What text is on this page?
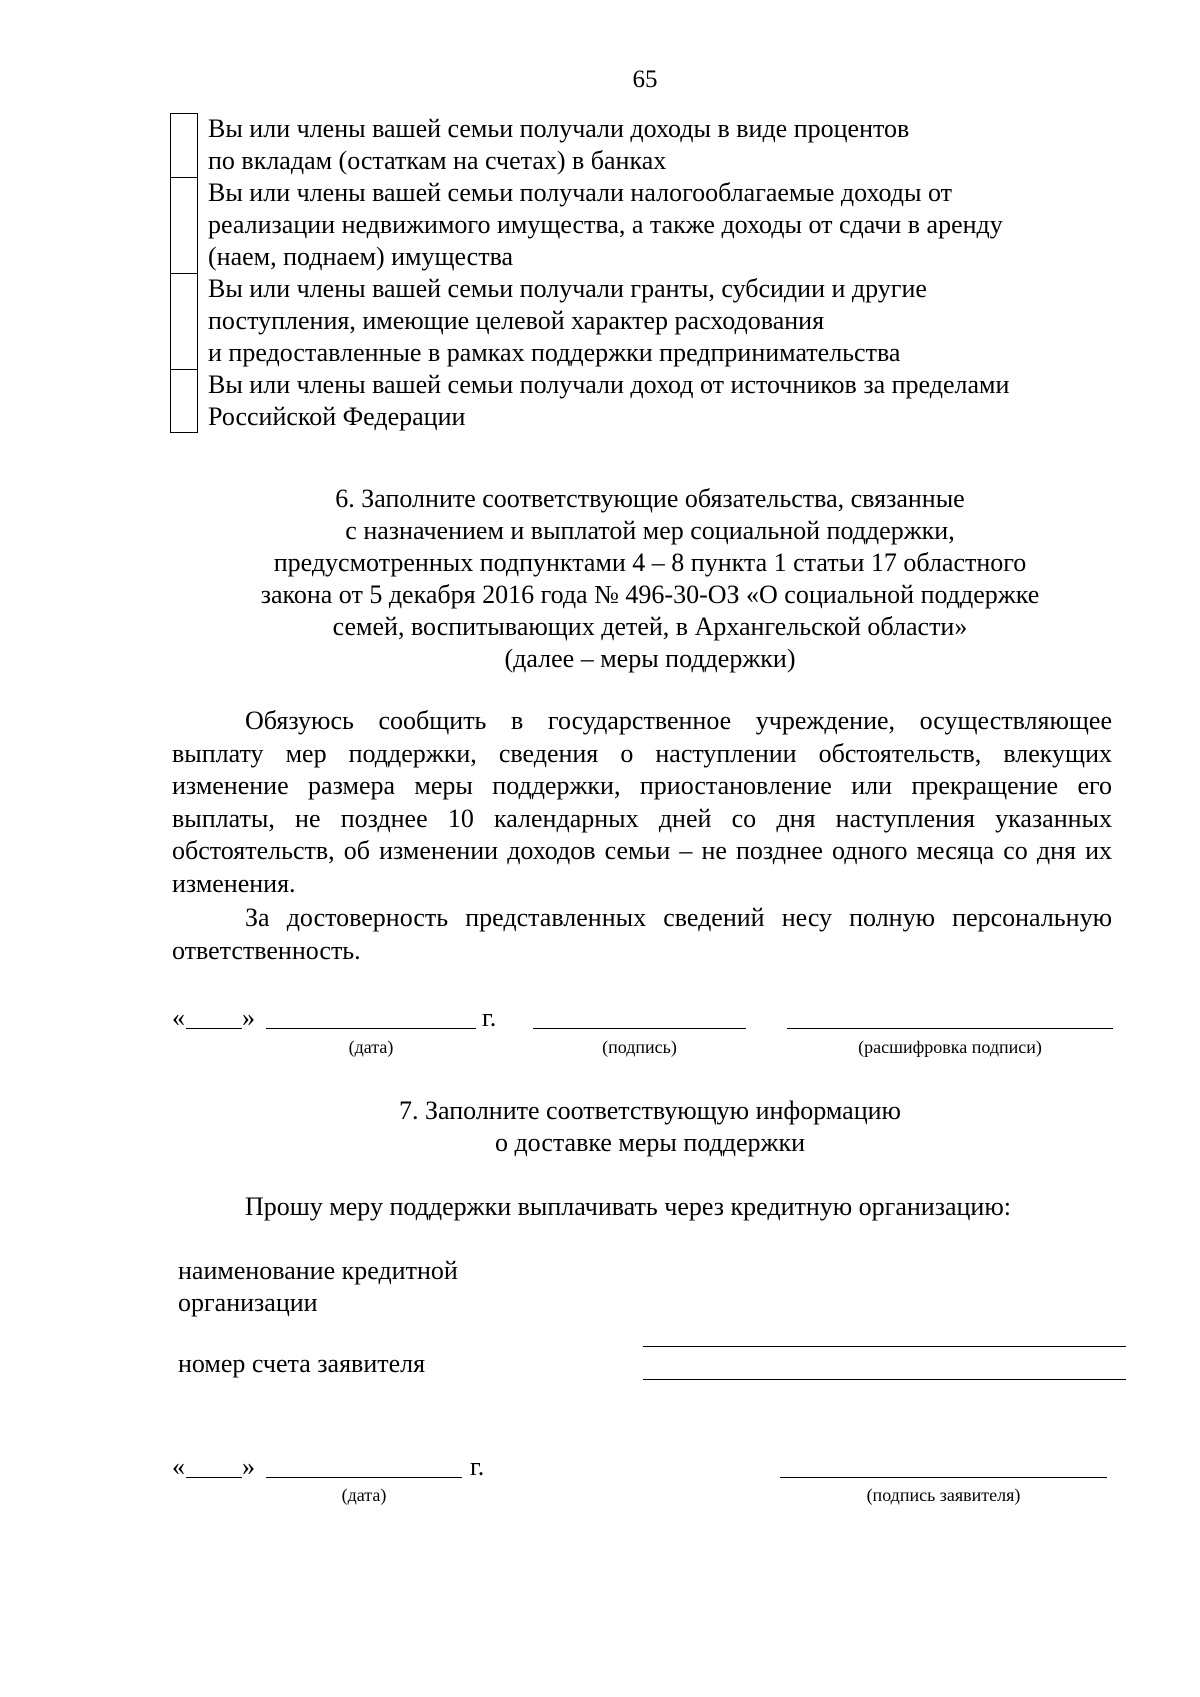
65
Вы или члены вашей семьи получали доходы в виде процентов
по вкладам (остаткам на счетах) в банках
Вы или члены вашей семьи получали налогооблагаемые доходы от
реализации недвижимого имущества, а также доходы от сдачи в аренду
(наем, поднаем) имущества
Вы или члены вашей семьи получали гранты, субсидии и другие
поступления, имеющие целевой характер расходования
и предоставленные в рамках поддержки предпринимательства
Вы или члены вашей семьи получали доход от источников за пределами
Российской Федерации
6. Заполните соответствующие обязательства, связанные
с назначением и выплатой мер социальной поддержки,
предусмотренных подпунктами 4 – 8 пункта 1 статьи 17 областного
закона от 5 декабря 2016 года № 496-30-ОЗ «О социальной поддержке
семей, воспитывающих детей, в Архангельской области»
(далее – меры поддержки)
Обязуюсь сообщить в государственное учреждение, осуществляющее выплату мер поддержки, сведения о наступлении обстоятельств, влекущих изменение размера меры поддержки, приостановление или прекращение его выплаты, не позднее 10 календарных дней со дня наступления указанных обстоятельств, об изменении доходов семьи – не позднее одного месяца со дня их изменения.
За достоверность представленных сведений несу полную персональную ответственность.
« »	г.
(дата)	(подпись)	(расшифровка подписи)
7. Заполните соответствующую информацию
о доставке меры поддержки
Прошу меру поддержки выплачивать через кредитную организацию:
наименование кредитной
организации
номер счета заявителя
« »	г.
(дата)	(подпись заявителя)
